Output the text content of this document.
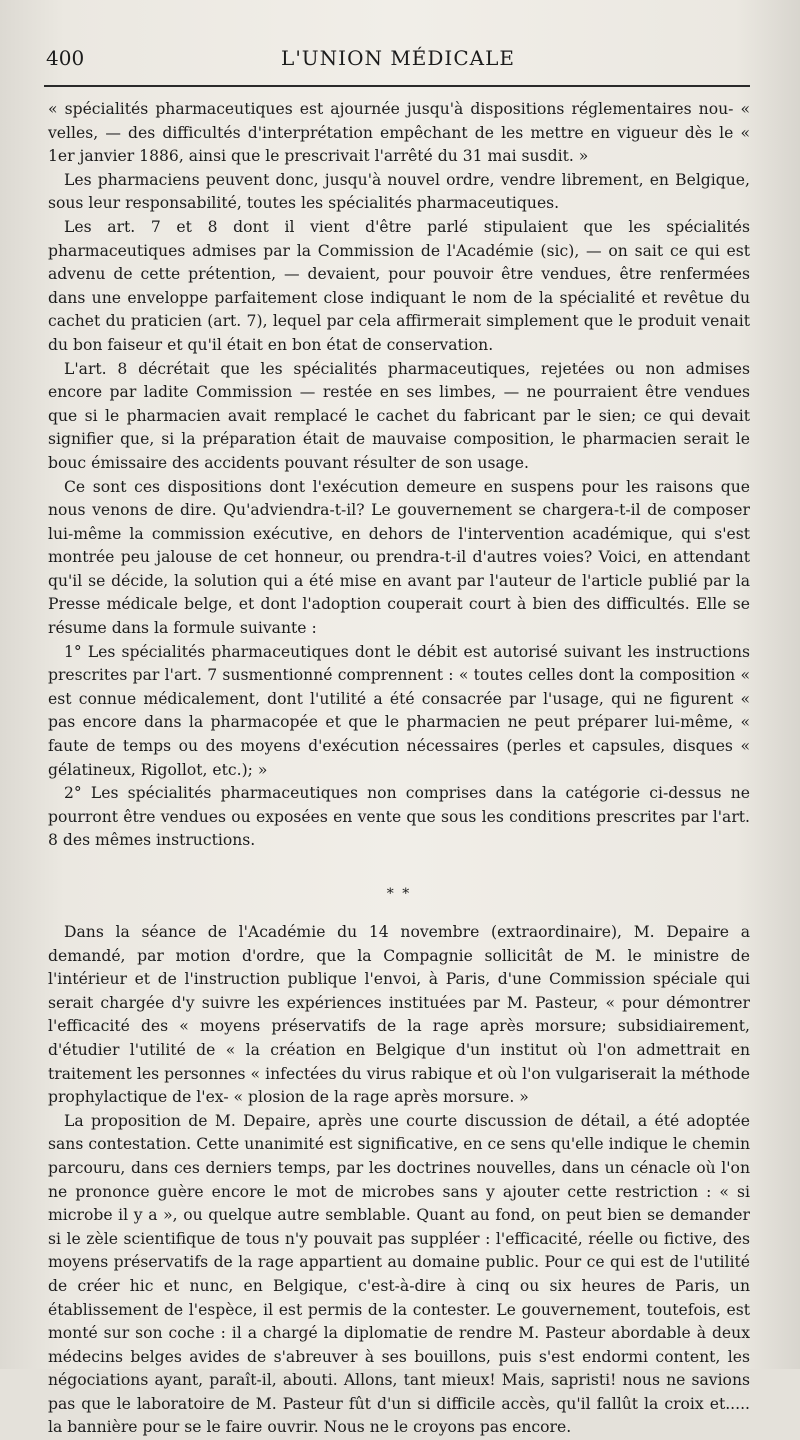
400	L'UNION MÉDICALE

« spécialités pharmaceutiques est ajournée jusqu'à dispositions réglementaires nou- « velles, — des difficultés d'interprétation empêchant de les mettre en vigueur dès le « 1er janvier 1886, ainsi que le prescrivait l'arrêté du 31 mai susdit. »

Les pharmaciens peuvent donc, jusqu'à nouvel ordre, vendre librement, en Belgique, sous leur responsabilité, toutes les spécialités pharmaceutiques.

Les art. 7 et 8 dont il vient d'être parlé stipulaient que les spécialités pharmaceutiques admises par la Commission de l'Académie (sic), — on sait ce qui est advenu de cette prétention, — devaient, pour pouvoir être vendues, être renfermées dans une enveloppe parfaitement close indiquant le nom de la spécialité et revêtue du cachet du praticien (art. 7), lequel par cela affirmerait simplement que le produit venait du bon faiseur et qu'il était en bon état de conservation.

L'art. 8 décrétait que les spécialités pharmaceutiques, rejetées ou non admises encore par ladite Commission — restée en ses limbes, — ne pourraient être vendues que si le pharmacien avait remplacé le cachet du fabricant par le sien; ce qui devait signifier que, si la préparation était de mauvaise composition, le pharmacien serait le bouc émissaire des accidents pouvant résulter de son usage.

Ce sont ces dispositions dont l'exécution demeure en suspens pour les raisons que nous venons de dire. Qu'adviendra-t-il? Le gouvernement se chargera-t-il de composer lui-même la commission exécutive, en dehors de l'intervention académique, qui s'est montrée peu jalouse de cet honneur, ou prendra-t-il d'autres voies? Voici, en attendant qu'il se décide, la solution qui a été mise en avant par l'auteur de l'article publié par la Presse médicale belge, et dont l'adoption couperait court à bien des difficultés. Elle se résume dans la formule suivante :

1° Les spécialités pharmaceutiques dont le débit est autorisé suivant les instructions prescrites par l'art. 7 susmentionné comprennent : « toutes celles dont la composition « est connue médicalement, dont l'utilité a été consacrée par l'usage, qui ne figurent « pas encore dans la pharmacopée et que le pharmacien ne peut préparer lui-même, « faute de temps ou des moyens d'exécution nécessaires (perles et capsules, disques « gélatineux, Rigollot, etc.); »

2° Les spécialités pharmaceutiques non comprises dans la catégorie ci-dessus ne pourront être vendues ou exposées en vente que sous les conditions prescrites par l'art. 8 des mêmes instructions.

* *

Dans la séance de l'Académie du 14 novembre (extraordinaire), M. Depaire a demandé, par motion d'ordre, que la Compagnie sollicitât de M. le ministre de l'intérieur et de l'instruction publique l'envoi, à Paris, d'une Commission spéciale qui serait chargée d'y suivre les expériences instituées par M. Pasteur, « pour démontrer l'efficacité des « moyens préservatifs de la rage après morsure; subsidiairement, d'étudier l'utilité de « la création en Belgique d'un institut où l'on admettrait en traitement les personnes « infectées du virus rabique et où l'on vulgariserait la méthode prophylactique de l'ex- « plosion de la rage après morsure. »

La proposition de M. Depaire, après une courte discussion de détail, a été adoptée sans contestation. Cette unanimité est significative, en ce sens qu'elle indique le chemin parcouru, dans ces derniers temps, par les doctrines nouvelles, dans un cénacle où l'on ne prononce guère encore le mot de microbes sans y ajouter cette restriction : « si microbe il y a », ou quelque autre semblable. Quant au fond, on peut bien se demander si le zèle scientifique de tous n'y pouvait pas suppléer : l'efficacité, réelle ou fictive, des moyens préservatifs de la rage appartient au domaine public. Pour ce qui est de l'utilité de créer hic et nunc, en Belgique, c'est-à-dire à cinq ou six heures de Paris, un établissement de l'espèce, il est permis de la contester. Le gouvernement, toutefois, est monté sur son coche : il a chargé la diplomatie de rendre M. Pasteur abordable à deux médecins belges avides de s'abreuver à ses bouillons, puis s'est endormi content, les négociations ayant, paraît-il, abouti. Allons, tant mieux! Mais, sapristi! nous ne savions pas que le laboratoire de M. Pasteur fût d'un si difficile accès, qu'il fallût la croix et..... la bannière pour se le faire ouvrir. Nous ne le croyons pas encore.
